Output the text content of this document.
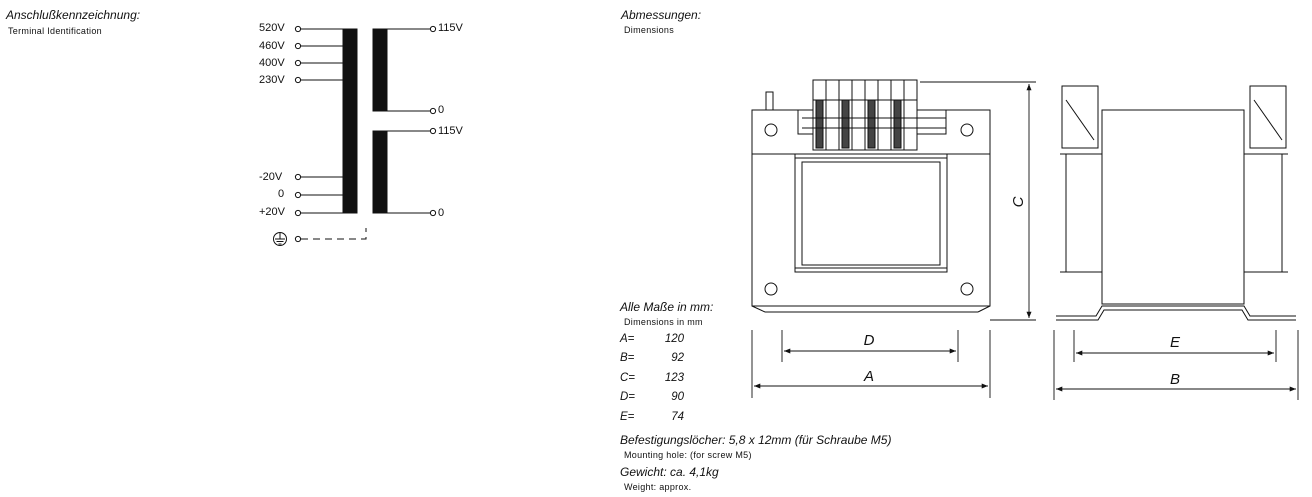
Anschlußkennzeichnung:
Terminal Identification	520V
460V
400V
230V
-20V
0
+20V
115V
0
115V
0
Abmessungen:
Dimensions
Alle Maße in mm:
Dimensions in mm
A=	120
B=	92
C=	123
D=	90
E=	74
Befestigungslöcher: 5,8 x 12mm (für Schraube M5)
Mounting hole: (for screw M5)
Gewicht: ca. 4,1kg
Weight: approx.
D
A
E
B
C
